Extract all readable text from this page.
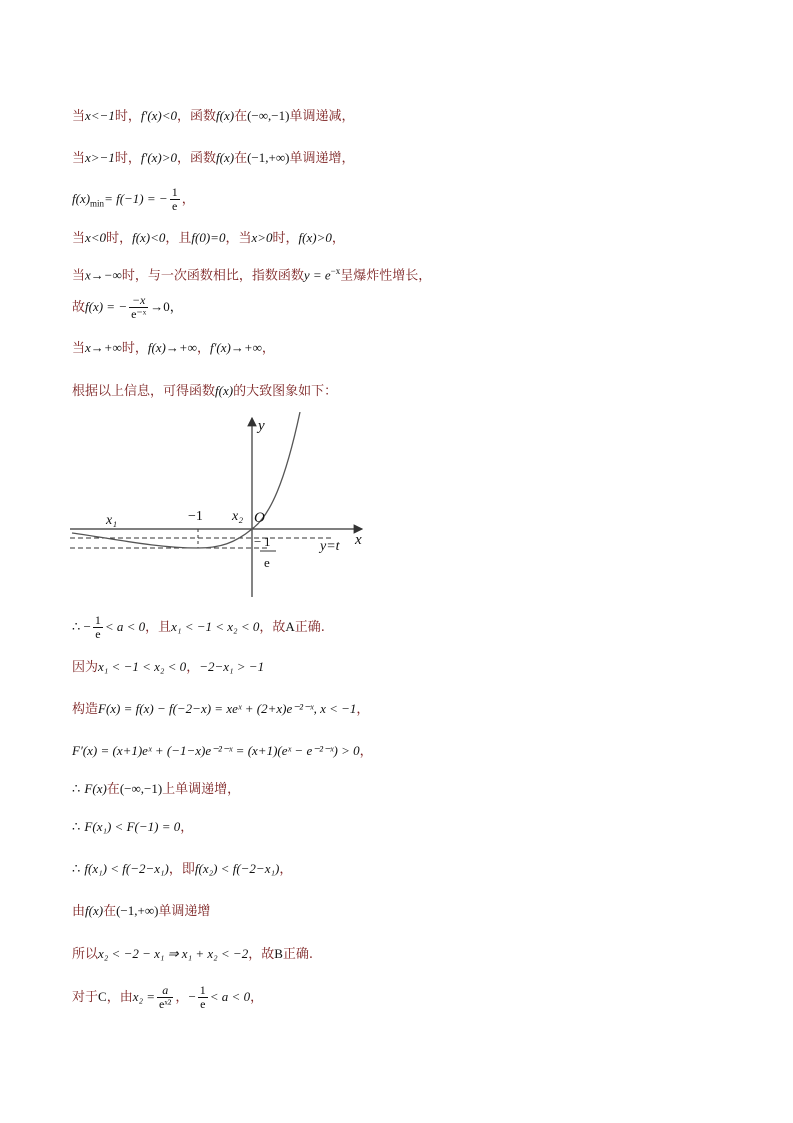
当x<−1时，f′(x)<0，函数f(x)在(−∞,−1)单调递减，
当x>−1时，f′(x)>0，函数f(x)在(−1,+∞)单调递增，
$f(x)_{min}= f(-1)$ = − $\frac{1}{e}$ ，
当x<0时，f(x)<0，且f(0)=0，当x>0时，f(x)>0，
当x→−∞时，与一次函数相比，指数函数$y = e^{-x}$呈爆炸性增长，
故f(x) = − $\frac{-x}{\text{e⁻ˣ}} \to 0$，
当x→+∞时，f(x)→+∞，f′(x)→+∞，
根据以上信息，可得函数f(x)的大致图象如下：
y
x
O
x₁	−1 x₂
− 1
e
y=t
∴ − $\frac{1}{e} < a < 0$，且x₁ < −1 < x₂ < 0，故A正确.
因为x₁ < −1 < x₂ < 0，−2−x₁ > −1
构造F(x) = f(x) − f(−2−x) = xeˣ + (2+x)e⁻²⁻ˣ, x < −1，
F′(x) = (x+1)eˣ + (−1−x)e⁻²⁻ˣ = (x+1)(eˣ − e⁻²⁻ˣ) > 0，
∴ F(x)在(−∞,−1)上单调递增，
∴ F(x₁) < F(−1) = 0，
∴ f(x₁) < f(−2−x₁)，即f(x₂) < f(−2−x₁)，
由f(x)在(−1,+∞)单调递增
所以x₂ < −2 − x₁ ⇒ x₁ + x₂ < −2，故B正确.
对于C，由$x_2 = \frac{a}{\text{eˣ²}}$ ，− $\frac{1}{e} < a < 0$，
